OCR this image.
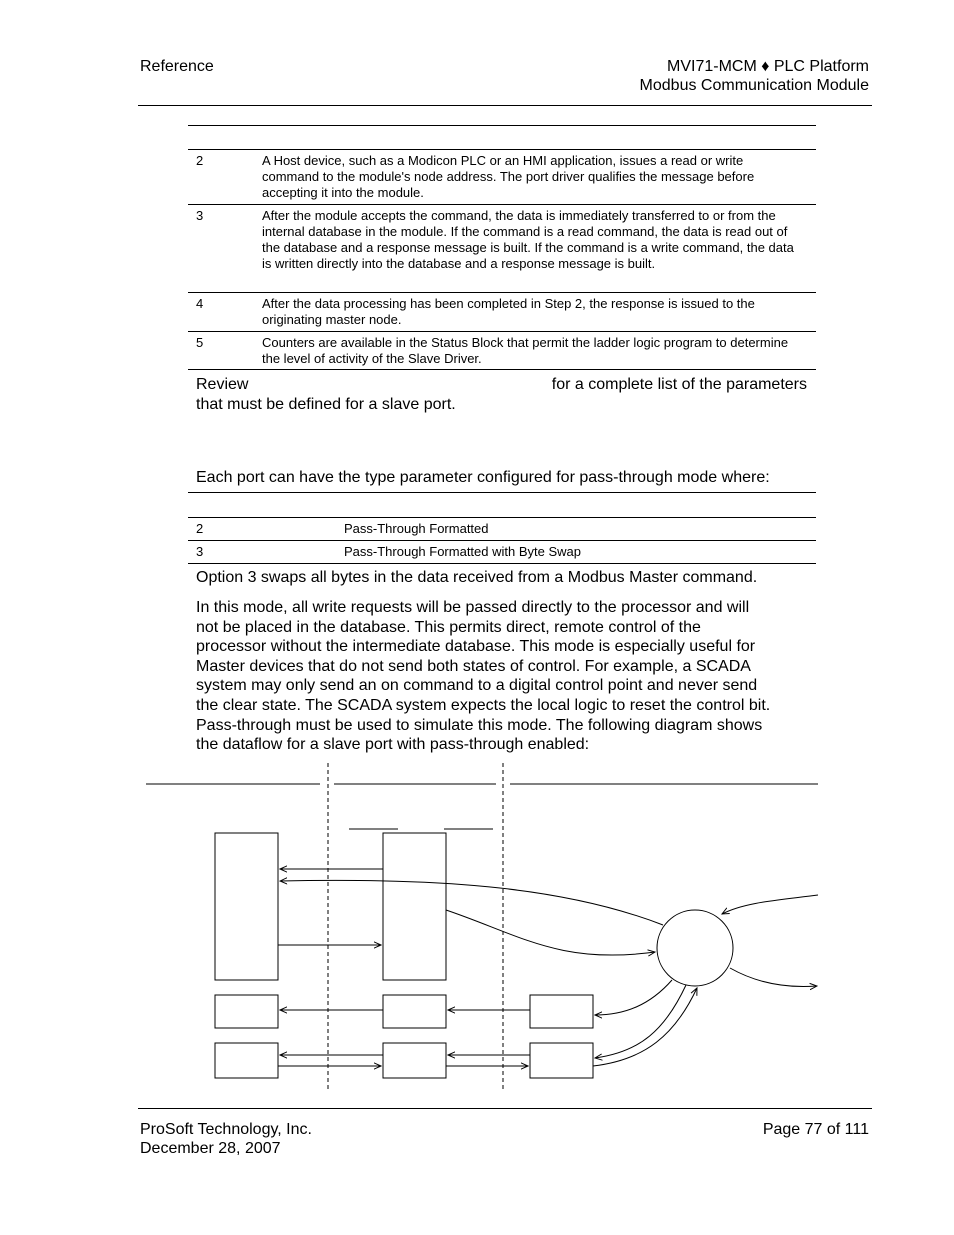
Reference	MVI71-MCM ♦ PLC Platform
Modbus Communication Module
2	A Host device, such as a Modicon PLC or an HMI application, issues a read or write command to the module's node address. The port driver qualifies the message before accepting it into the module.
3	After the module accepts the command, the data is immediately transferred to or from the internal database in the module. If the command is a read command, the data is read out of the database and a response message is built. If the command is a write command, the data is written directly into the database and a response message is built.
4	After the data processing has been completed in Step 2, the response is issued to the originating master node.
5	Counters are available in the Status Block that permit the ladder logic program to determine the level of activity of the Slave Driver.
Review	for a complete list of the parameters
that must be defined for a slave port.
Each port can have the type parameter configured for pass-through mode where:
2	Pass-Through Formatted
3	Pass-Through Formatted with Byte Swap
Option 3 swaps all bytes in the data received from a Modbus Master command.
In this mode, all write requests will be passed directly to the processor and will
not be placed in the database. This permits direct, remote control of the
processor without the intermediate database. This mode is especially useful for
Master devices that do not send both states of control. For example, a SCADA
system may only send an on command to a digital control point and never send
the clear state. The SCADA system expects the local logic to reset the control bit.
Pass-through must be used to simulate this mode. The following diagram shows
the dataflow for a slave port with pass-through enabled:
ProSoft Technology, Inc.
December 28, 2007
Page 77 of 111
